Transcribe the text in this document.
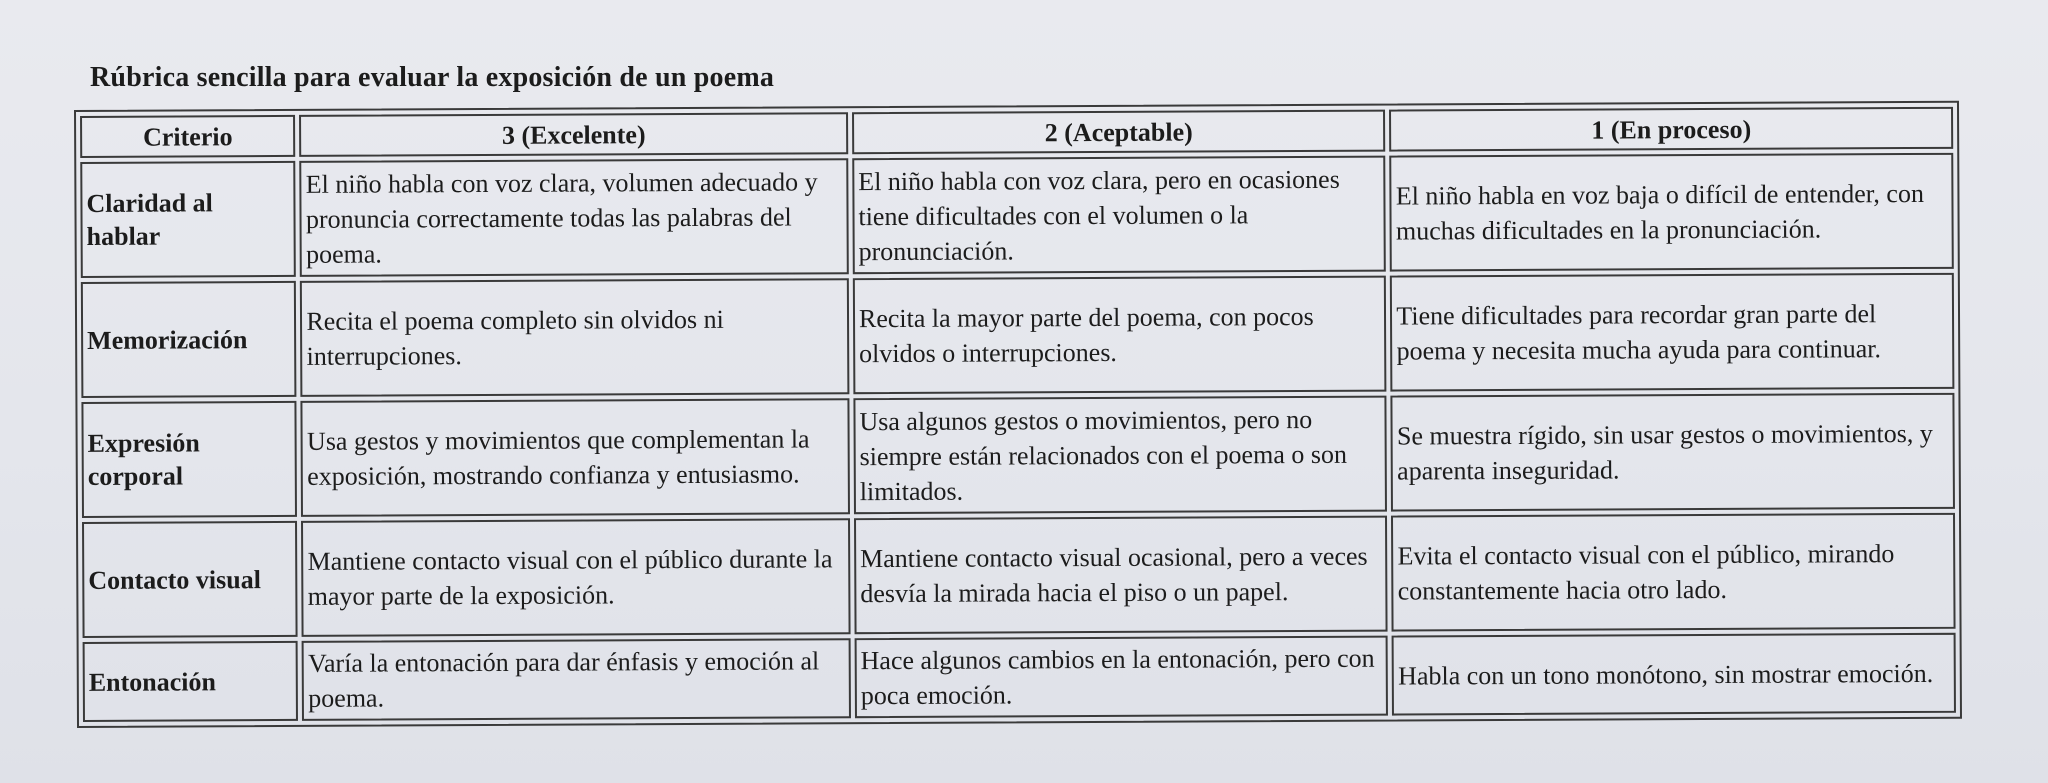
Rúbrica sencilla para evaluar la exposición de un poema
Criterio	3 (Excelente)	2 (Aceptable)	1 (En proceso)
Claridad al hablar	El niño habla con voz clara, volumen adecuado y pronuncia correctamente todas las palabras del poema.	El niño habla con voz clara, pero en ocasiones tiene dificultades con el volumen o la pronunciación.	El niño habla en voz baja o difícil de entender, con muchas dificultades en la pronunciación.
Memorización	Recita el poema completo sin olvidos ni interrupciones.	Recita la mayor parte del poema, con pocos olvidos o interrupciones.	Tiene dificultades para recordar gran parte del poema y necesita mucha ayuda para continuar.
Expresión corporal	Usa gestos y movimientos que complementan la exposición, mostrando confianza y entusiasmo.	Usa algunos gestos o movimientos, pero no siempre están relacionados con el poema o son limitados.	Se muestra rígido, sin usar gestos o movimientos, y aparenta inseguridad.
Contacto visual	Mantiene contacto visual con el público durante la mayor parte de la exposición.	Mantiene contacto visual ocasional, pero a veces desvía la mirada hacia el piso o un papel.	Evita el contacto visual con el público, mirando constantemente hacia otro lado.
Entonación	Varía la entonación para dar énfasis y emoción al poema.	Hace algunos cambios en la entonación, pero con poca emoción.	Habla con un tono monótono, sin mostrar emoción.
